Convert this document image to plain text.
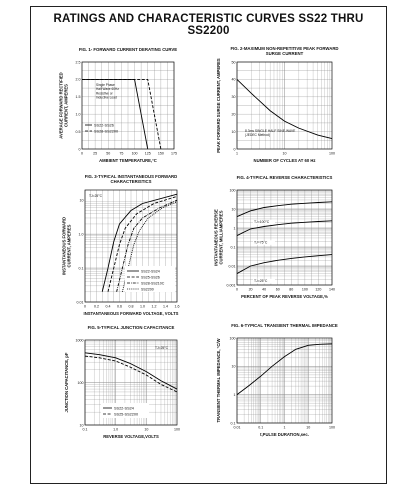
RATINGS AND CHARACTERISTIC CURVES SS22 THRU SS2200
FIG. 1- FORWARD CURRENT DERATING CURVE
0	25	50	75 100 125 150 175
0
0.5
1.0
1.5
2.0
2.5
AMBIENT TEMPERATURE,°C
AVERAGE FORWARD RECTIFIEDCURRENT, AMPERES
FIG. 2-MAXIMUM NON-REPETITIVE PEAK FORWARD SURGE CURRENT
1	10	100
0
10
20
30
40
50
NUMBER OF CYCLES AT 60 Hz
PEAK FORWARD SURGE CURRENT, AMPERES
FIG. 3-TYPICAL INSTANTANEOUS FORWARD CHARACTERISTICS
0 0.2 0.4 0.6 0.8 1.0 1.2 1.4 1.6
0.01
0.1
1.0
10
INSTANTANEOUS FORWARD VOLTAGE, VOLTS
INSTANTANEOUS FORWARDCURRENT, AMPERES
FIG. 4-TYPICAL REVERSE CHARACTERISTICS
0	20	40	60	80 100 120 140
0.001
0.01
0.1
1
10
100
PERCENT OF PEAK REVERSE VOLTAGE,%
INSTANTANEOUS REVERSECURRENT, MILLIAMPERES
FIG. 5-TYPICAL JUNCTION CAPACITANCE
0.1	1.0	10	100
10
100
1000
REVERSE VOLTAGE,VOLTS
JUNCTION CAPACITANCE, pF
FIG. 6-TYPICAL TRANSIENT THERMAL IMPEDANCE
0.01	0.1	1	10	100
0.1
1
10
100
t,PULSE DURATION,sec.
TRANSIENT THERMAL IMPEDANCE, °C/W
Single Phase
Half Wave 60Hz
Resistive or
Inductive Load
SS22-SS26
SS28-SS2200	8.3ms SINGLE HALF SINE-WAVE
(JEDEC Method)
TJ=25°C
SS22-SS24
SS25-SS26
SS28-SS210C
SS2200
TJ=100°C
TJ=75°C
TJ=25°C
TJ=25°C
SS22-SS24
SS25-SS2200
